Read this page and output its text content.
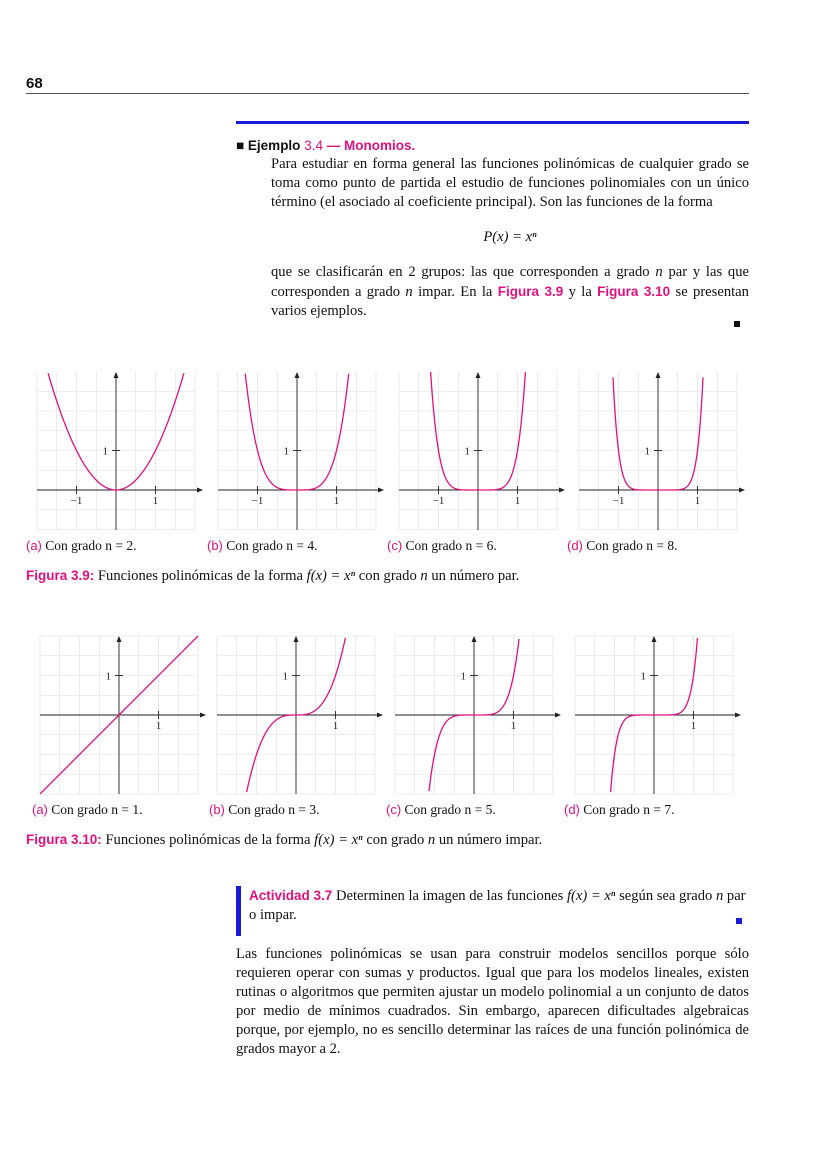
68
■ Ejemplo 3.4 — Monomios.
Para estudiar en forma general las funciones polinómicas de cualquier grado se toma como punto de partida el estudio de funciones polinomiales con un único término (el asociado al coeficiente principal). Son las funciones de la forma
P(x) = xⁿ
que se clasificarán en 2 grupos: las que corresponden a grado n par y las que corresponden a grado n impar. En la Figura 3.9 y la Figura 3.10 se presentan varios ejemplos.
−1	1
1
−1	1
1
−1	1
1
−1	1
1
1
1
1
1
1
1
1
1
(a) Con grado n = 2.	(b) Con grado n = 4.	(c) Con grado n = 6.	(d) Con grado n = 8.
Figura 3.9: Funciones polinómicas de la forma f(x) = xⁿ con grado n un número par.
(a) Con grado n = 1.	(b) Con grado n = 3.	(c) Con grado n = 5.	(d) Con grado n = 7.
Figura 3.10: Funciones polinómicas de la forma f(x) = xⁿ con grado n un número impar.
Actividad 3.7 Determinen la imagen de las funciones f(x) = xⁿ según sea grado n par o impar.
Las funciones polinómicas se usan para construir modelos sencillos porque sólo requieren operar con sumas y productos. Igual que para los modelos lineales, existen rutinas o algoritmos que permiten ajustar un modelo polinomial a un conjunto de datos por medio de mínimos cuadrados. Sin embargo, aparecen dificultades algebraicas porque, por ejemplo, no es sencillo determinar las raíces de una función polinómica de grados mayor a 2.
